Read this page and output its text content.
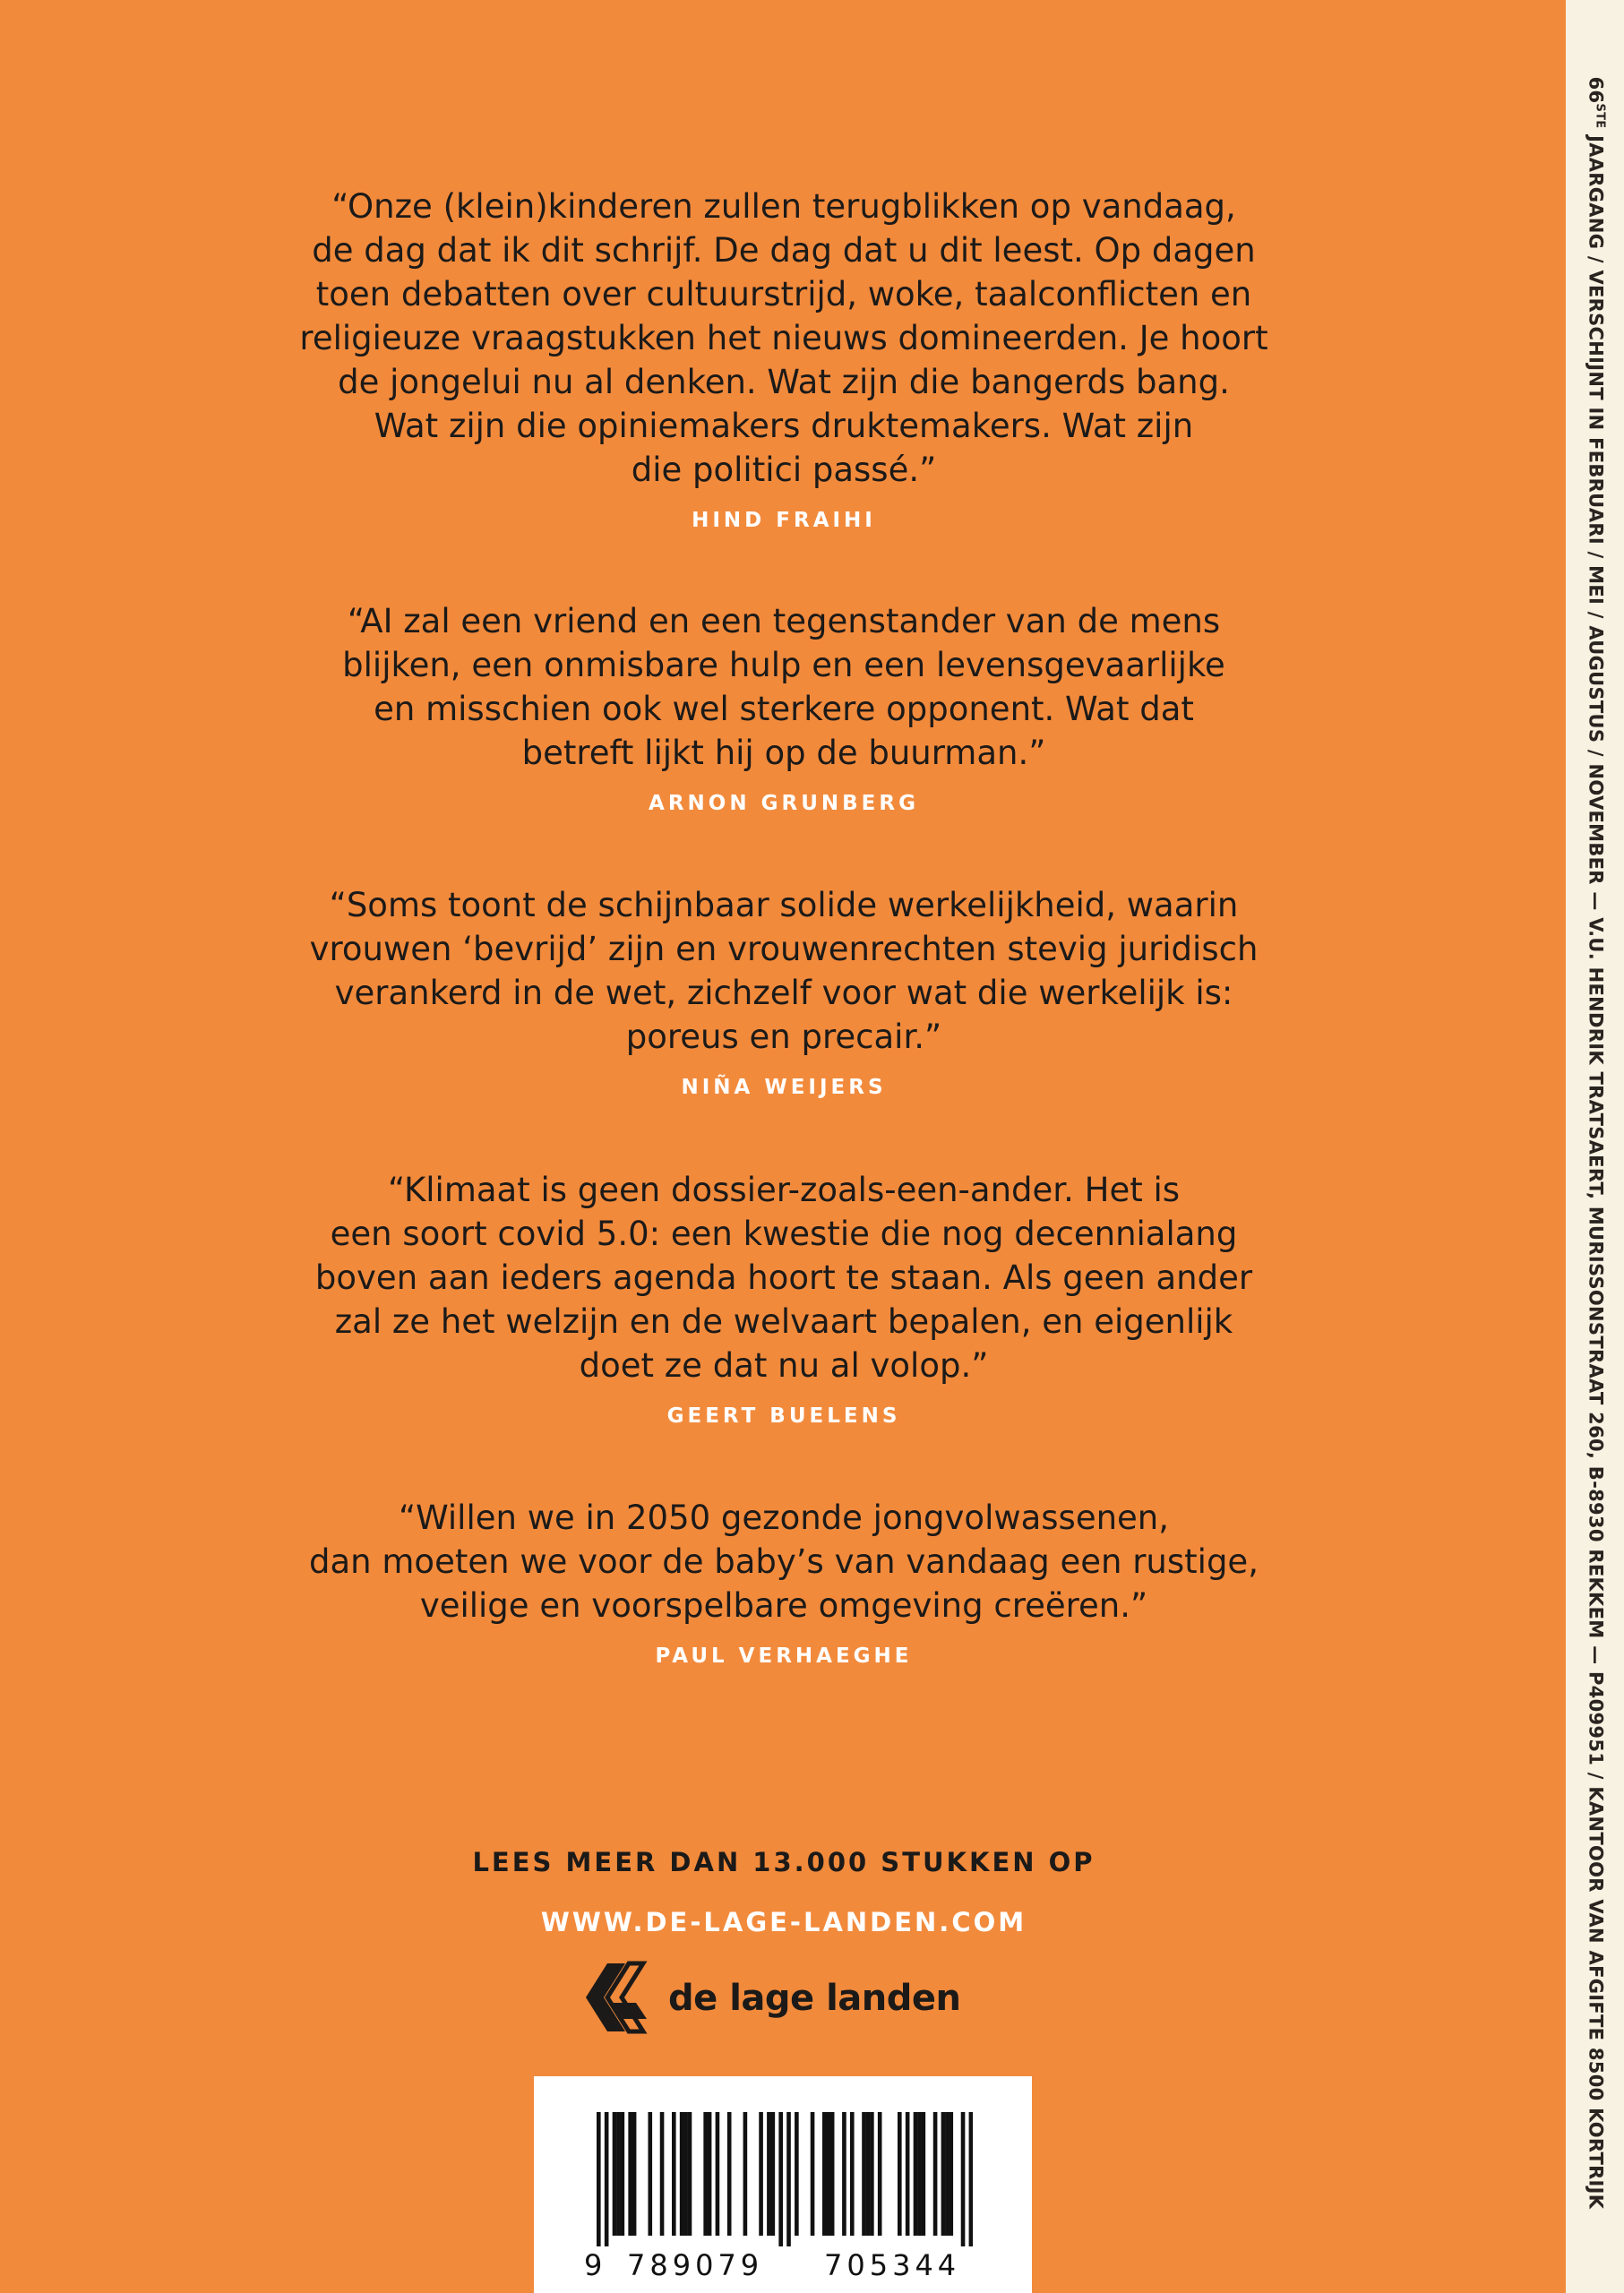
66STE JAARGANG / VERSCHIJNT IN FEBRUARI / MEI / AUGUSTUS / NOVEMBER — V.U. HENDRIK TRATSAERT, MURISSONSTRAAT 260, B-8930 REKKEM — P409951 / KANTOOR VAN AFGIFTE 8500 KORTRIJK

“Onze (klein)kinderen zullen terugblikken op vandaag,
de dag dat ik dit schrijf. De dag dat u dit leest. Op dagen
toen debatten over cultuurstrijd, woke, taalconflicten en
religieuze vraagstukken het nieuws domineerden. Je hoort
de jongelui nu al denken. Wat zijn die bangerds bang.
Wat zijn die opiniemakers druktemakers. Wat zijn
die politici passé.”

HIND FRAIHI

“AI zal een vriend en een tegenstander van de mens
blijken, een onmisbare hulp en een levensgevaarlijke
en misschien ook wel sterkere opponent. Wat dat
betreft lijkt hij op de buurman.”

ARNON GRUNBERG

“Soms toont de schijnbaar solide werkelijkheid, waarin
vrouwen ‘bevrijd’ zijn en vrouwenrechten stevig juridisch
verankerd in de wet, zichzelf voor wat die werkelijk is:
poreus en precair.”

NIÑA WEIJERS

“Klimaat is geen dossier-zoals-een-ander. Het is
een soort covid 5.0: een kwestie die nog decennialang
boven aan ieders agenda hoort te staan. Als geen ander
zal ze het welzijn en de welvaart bepalen, en eigenlijk
doet ze dat nu al volop.”

GEERT BUELENS

“Willen we in 2050 gezonde jongvolwassenen,
dan moeten we voor de baby’s van vandaag een rustige,
veilige en voorspelbare omgeving creëren.”

PAUL VERHAEGHE
LEES MEER DAN 13.000 STUKKEN OP
WWW.DE-LAGE-LANDEN.COM
de lage landen
9 789079 705344
